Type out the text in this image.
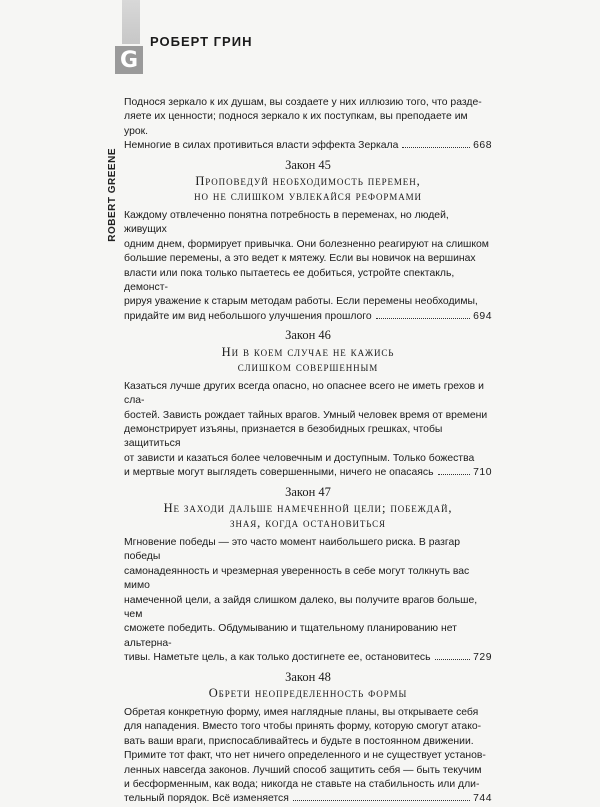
G
РОБЕРТ ГРИН
ROBERT GREENE

Поднося зеркало к их душам, вы создаете у них иллюзию того, что разде-

ляете их ценности; поднося зеркало к их поступкам, вы преподаете им урок.

Немногие в силах противиться власти эффекта Зеркала	668
Закон 45
Проповедуй необходимость перемен,
но не слишком увлекайся реформами

Каждому отвлеченно понятна потребность в переменах, но людей, живущих

одним днем, формирует привычка. Они болезненно реагируют на слишком

большие перемены, а это ведет к мятежу. Если вы новичок на вершинах

власти или пока только пытаетесь ее добиться, устройте спектакль, демонст-

рируя уважение к старым методам работы. Если перемены необходимы,

придайте им вид небольшого улучшения прошлого	694
Закон 46
Ни в коем случае не кажись
слишком совершенным

Казаться лучше других всегда опасно, но опаснее всего не иметь грехов и сла-

бостей. Зависть рождает тайных врагов. Умный человек время от времени

демонстрирует изъяны, признается в безобидных грешках, чтобы защититься

от зависти и казаться более человечным и доступным. Только божества

и мертвые могут выглядеть совершенными, ничего не опасаясь	710
Закон 47
Не заходи дальше намеченной цели; побеждай,
зная, когда остановиться

Мгновение победы — это часто момент наибольшего риска. В разгар победы

самонадеянность и чрезмерная уверенность в себе могут толкнуть вас мимо

намеченной цели, а зайдя слишком далеко, вы получите врагов больше, чем

сможете победить. Обдумыванию и тщательному планированию нет альтерна-

тивы. Наметьте цель, а как только достигнете ее, остановитесь	729
Закон 48
Обрети неопределенность формы

Обретая конкретную форму, имея наглядные планы, вы открываете себя

для нападения. Вместо того чтобы принять форму, которую смогут атако-

вать ваши враги, приспосабливайтесь и будьте в постоянном движении.

Примите тот факт, что нет ничего определенного и не существует установ-

ленных навсегда законов. Лучший способ защитить себя — быть текучим

и бесформенным, как вода; никогда не ставьте на стабильность или дли-

тельный порядок. Всё изменяется	744
